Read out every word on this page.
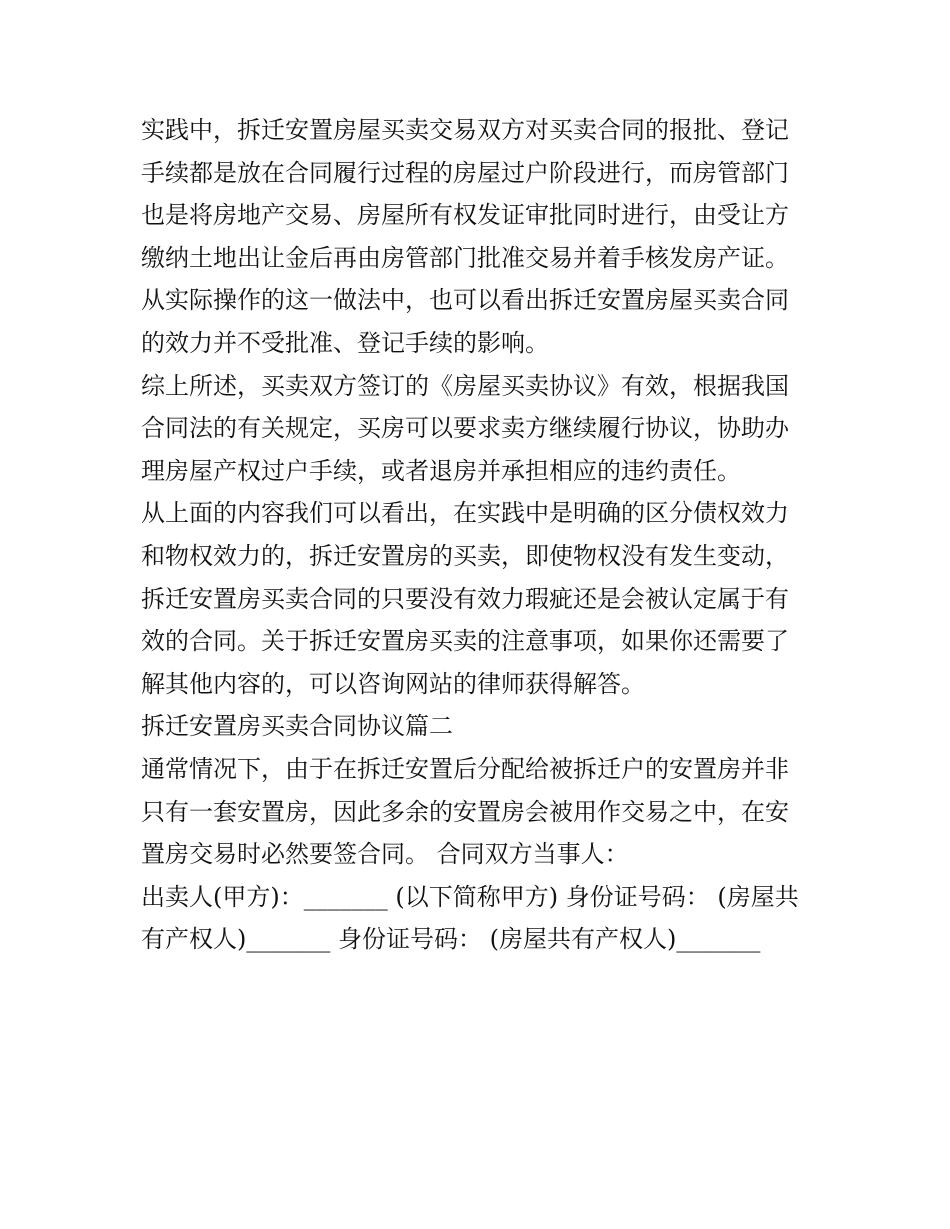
实践中，拆迁安置房屋买卖交易双方对买卖合同的报批、登记
手续都是放在合同履行过程的房屋过户阶段进行，而房管部门
也是将房地产交易、房屋所有权发证审批同时进行，由受让方
缴纳土地出让金后再由房管部门批准交易并着手核发房产证。
从实际操作的这一做法中，也可以看出拆迁安置房屋买卖合同
的效力并不受批准、登记手续的影响。
综上所述，买卖双方签订的《房屋买卖协议》有效，根据我国
合同法的有关规定，买房可以要求卖方继续履行协议，协助办
理房屋产权过户手续，或者退房并承担相应的违约责任。
从上面的内容我们可以看出，在实践中是明确的区分债权效力
和物权效力的，拆迁安置房的买卖，即使物权没有发生变动，
拆迁安置房买卖合同的只要没有效力瑕疵还是会被认定属于有
效的合同。关于拆迁安置房买卖的注意事项，如果你还需要了
解其他内容的，可以咨询网站的律师获得解答。
拆迁安置房买卖合同协议篇二
通常情况下，由于在拆迁安置后分配给被拆迁户的安置房并非
只有一套安置房，因此多余的安置房会被用作交易之中，在安
置房交易时必然要签合同。 合同双方当事人：
出卖人(甲方)：_______ (以下简称甲方) 身份证号码： (房屋共
有产权人)_______ 身份证号码： (房屋共有产权人)_______
